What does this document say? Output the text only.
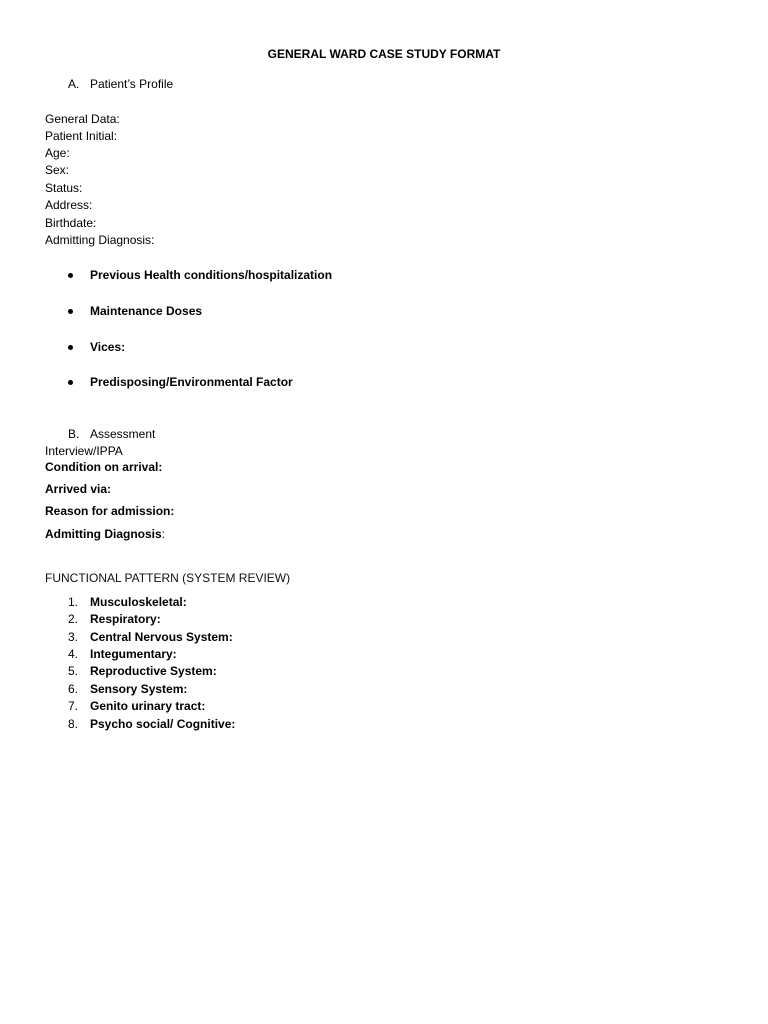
GENERAL WARD CASE STUDY FORMAT
A. Patient’s Profile
General Data:
Patient Initial:
Age:
Sex:
Status:
Address:
Birthdate:
Admitting Diagnosis:
Previous Health conditions/hospitalization
Maintenance Doses
Vices:
Predisposing/Environmental Factor
B. Assessment
Interview/IPPA
Condition on arrival:
Arrived via:
Reason for admission:
Admitting Diagnosis:
FUNCTIONAL PATTERN (SYSTEM REVIEW)
1. Musculoskeletal:
2. Respiratory:
3. Central Nervous System:
4. Integumentary:
5. Reproductive System:
6. Sensory System:
7. Genito urinary tract:
8. Psycho social/ Cognitive:
